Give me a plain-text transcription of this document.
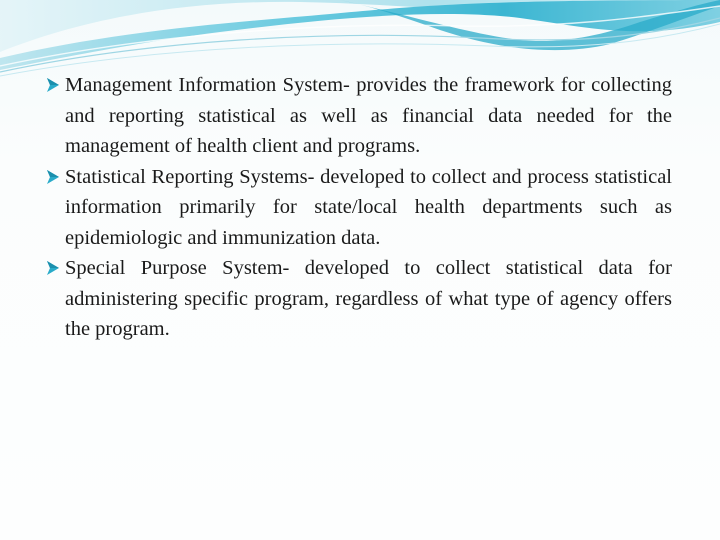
Management Information System- provides the framework for collecting and reporting statistical as well as financial data needed for the management of health client and programs.
Statistical Reporting Systems- developed to collect and process statistical information primarily for state/local health departments such as epidemiologic and immunization data.
Special Purpose System- developed to collect statistical data for administering specific program, regardless of what type of agency offers the program.
